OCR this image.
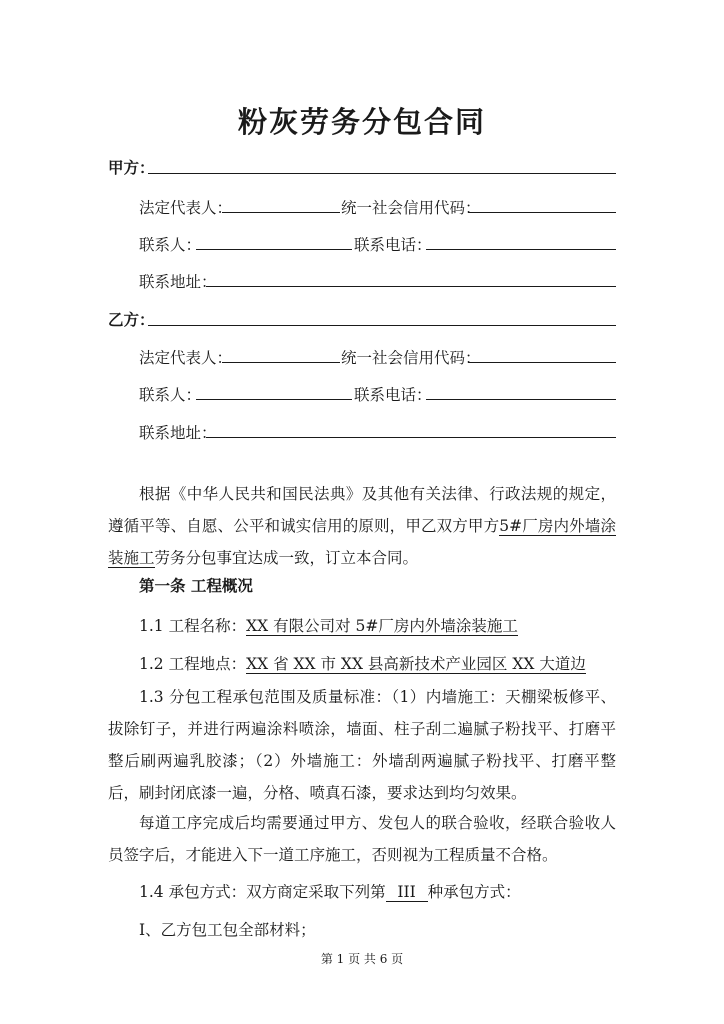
粉灰劳务分包合同
甲方：
法定代表人：	统一社会信用代码：
联系人：	联系电话：
联系地址：
乙方：
法定代表人：	统一社会信用代码：
联系人：	联系电话：
联系地址：
根据《中华人民共和国民法典》及其他有关法律、行政法规的规定，遵循平等、自愿、公平和诚实信用的原则，甲乙双方甲方5#厂房内外墙涂装施工劳务分包事宜达成一致，订立本合同。
第一条 工程概况
1.1 工程名称：XX 有限公司对 5#厂房内外墙涂装施工
1.2 工程地点：XX 省 XX 市 XX 县高新技术产业园区 XX 大道边
1.3 分包工程承包范围及质量标准：（1）内墙施工：天棚梁板修平、拔除钉子，并进行两遍涂料喷涂，墙面、柱子刮二遍腻子粉找平、打磨平整后刷两遍乳胶漆；（2）外墙施工：外墙刮两遍腻子粉找平、打磨平整后，刷封闭底漆一遍，分格、喷真石漆，要求达到均匀效果。
每道工序完成后均需要通过甲方、发包人的联合验收，经联合验收人员签字后，才能进入下一道工序施工，否则视为工程质量不合格。
1.4 承包方式：双方商定采取下列第 III 种承包方式：
Ⅰ、乙方包工包全部材料；
第 1 页 共 6 页
